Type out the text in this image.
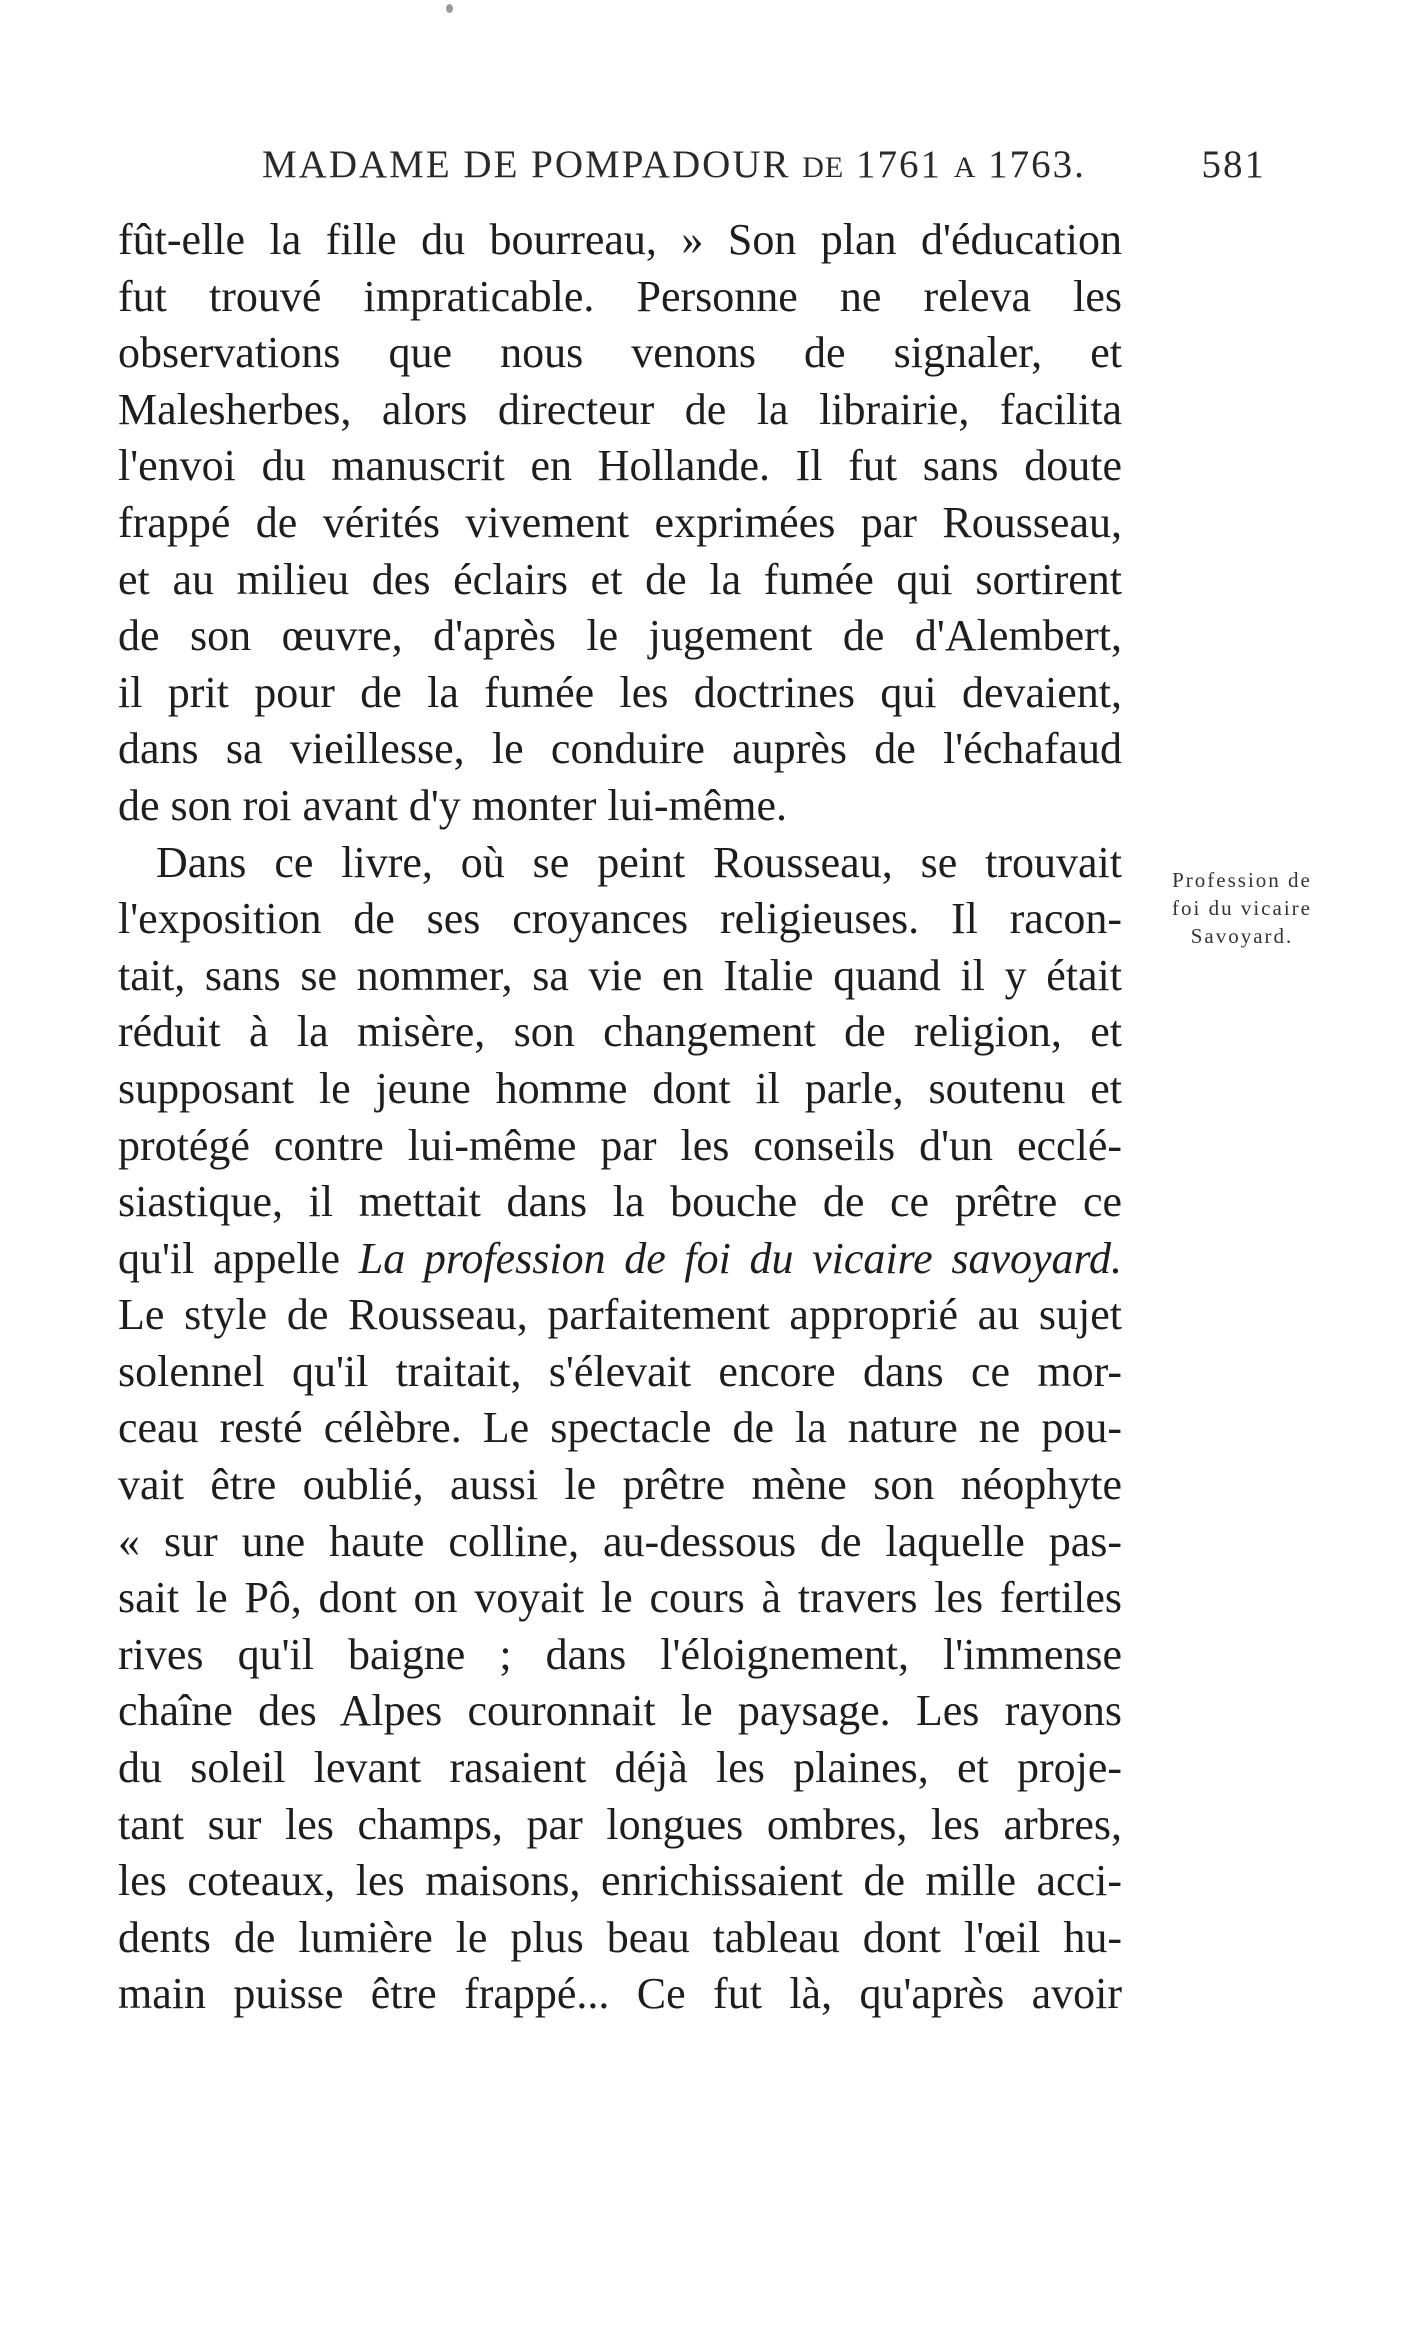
MADAME DE POMPADOUR DE 1761 A 1763.	581
fût-elle la fille du bourreau, » Son plan d'éducation
fut trouvé impraticable. Personne ne releva les
observations que nous venons de signaler, et
Malesherbes, alors directeur de la librairie, facilita
l'envoi du manuscrit en Hollande. Il fut sans doute
frappé de vérités vivement exprimées par Rousseau,
et au milieu des éclairs et de la fumée qui sortirent
de son œuvre, d'après le jugement de d'Alembert,
il prit pour de la fumée les doctrines qui devaient,
dans sa vieillesse, le conduire auprès de l'échafaud
de son roi avant d'y monter lui-même.
Dans ce livre, où se peint Rousseau, se trouvait
l'exposition de ses croyances religieuses. Il racon-
tait, sans se nommer, sa vie en Italie quand il y était
réduit à la misère, son changement de religion, et
supposant le jeune homme dont il parle, soutenu et
protégé contre lui-même par les conseils d'un ecclé-
siastique, il mettait dans la bouche de ce prêtre ce
qu'il appelle La profession de foi du vicaire savoyard.
Le style de Rousseau, parfaitement approprié au sujet
solennel qu'il traitait, s'élevait encore dans ce mor-
ceau resté célèbre. Le spectacle de la nature ne pou-
vait être oublié, aussi le prêtre mène son néophyte
« sur une haute colline, au-dessous de laquelle pas-
sait le Pô, dont on voyait le cours à travers les fertiles
rives qu'il baigne ; dans l'éloignement, l'immense
chaîne des Alpes couronnait le paysage. Les rayons
du soleil levant rasaient déjà les plaines, et proje-
tant sur les champs, par longues ombres, les arbres,
les coteaux, les maisons, enrichissaient de mille acci-
dents de lumière le plus beau tableau dont l'œil hu-
main puisse être frappé... Ce fut là, qu'après avoir
Profession de
foi du vicaire
Savoyard.
